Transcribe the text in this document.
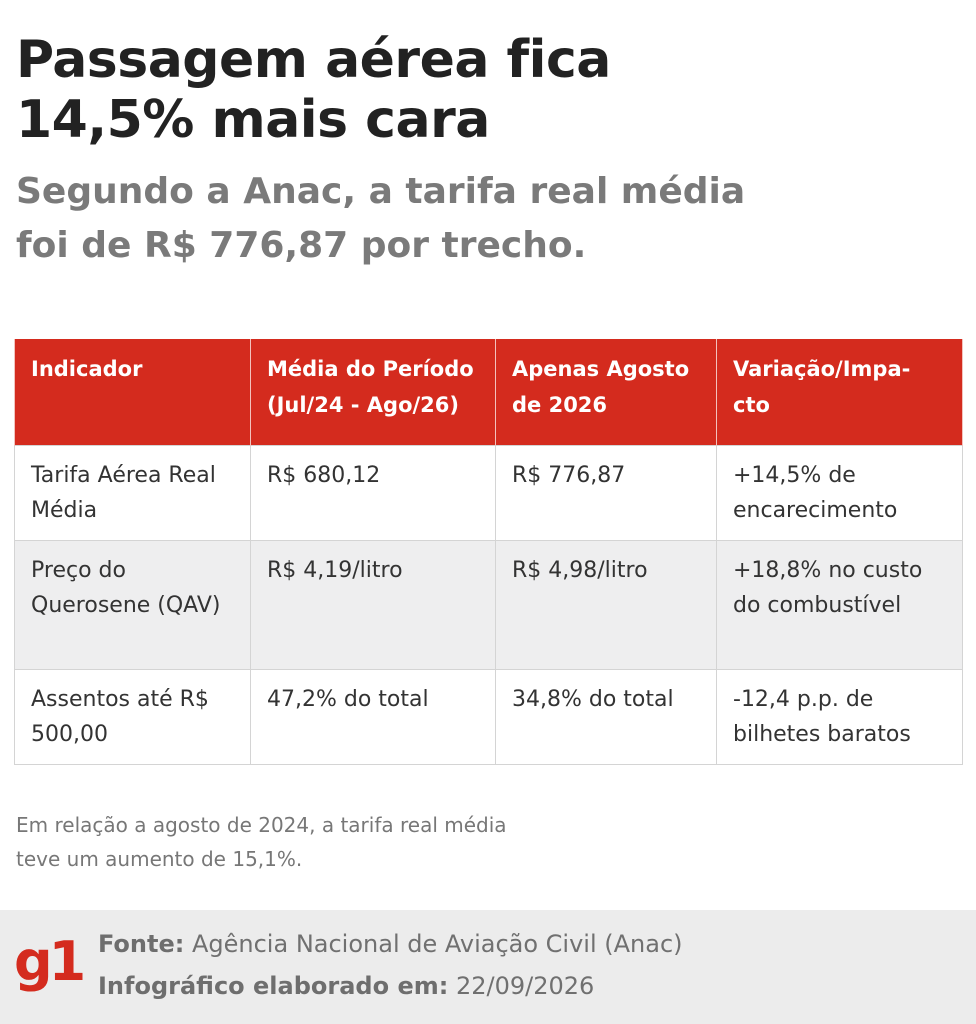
Passagem aérea fica 14,5% mais cara

Segundo a Anac, a tarifa real média foi de R$ 776,87 por trecho.

Indicador	Média do Período (Jul/24 - Ago/26)	Apenas Agosto de 2026	Variação/Impa-
cto
Tarifa Aérea Real Média	R$ 680,12	R$ 776,87	+14,5% de encarecimento
Preço do Querosene (QAV)	R$ 4,19/litro	R$ 4,98/litro	+18,8% no custo do combustível
Assentos até R$ 500,00	47,2% do total	34,8% do total	-12,4 p.p. de bilhetes baratos

Em relação a agosto de 2024, a tarifa real média teve um aumento de 15,1%.

g1 Fonte: Agência Nacional de Aviação Civil (Anac)
Infográfico elaborado em: 22/09/2026
